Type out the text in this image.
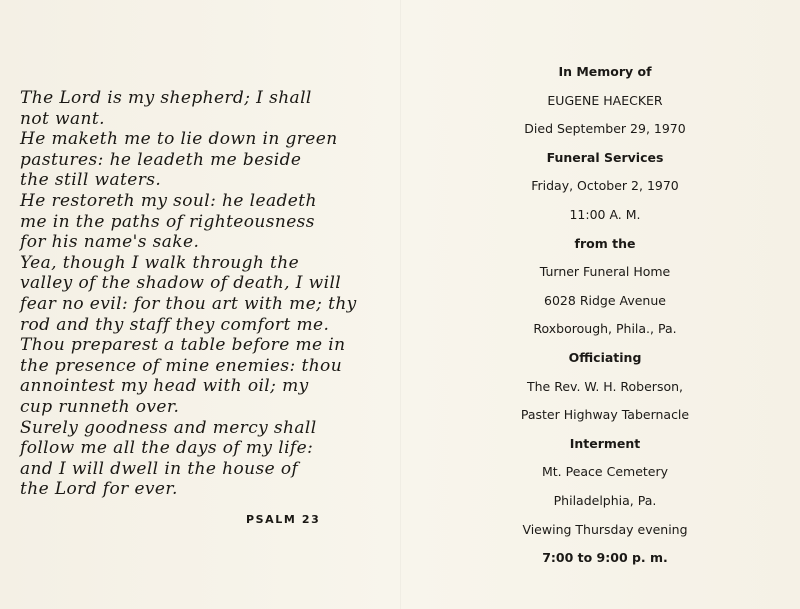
The Lord is my shepherd; I shall
not want.
He maketh me to lie down in green
pastures: he leadeth me beside
the still waters.
He restoreth my soul: he leadeth
me in the paths of righteousness
for his name's sake.
Yea, though I walk through the
valley of the shadow of death, I will
fear no evil: for thou art with me; thy
rod and thy staff they comfort me.
Thou preparest a table before me in
the presence of mine enemies: thou
annointest my head with oil; my
cup runneth over.
Surely goodness and mercy shall
follow me all the days of my life:
and I will dwell in the house of
the Lord for ever.
PSALM 23
In Memory of
EUGENE HAECKER
Died September 29, 1970
Funeral Services
Friday, October 2, 1970
11:00 A. M.
from the
Turner Funeral Home
6028 Ridge Avenue
Roxborough, Phila., Pa.
Officiating
The Rev. W. H. Roberson,
Paster Highway Tabernacle
Interment
Mt. Peace Cemetery
Philadelphia, Pa.
Viewing Thursday evening
7:00 to 9:00 p. m.
